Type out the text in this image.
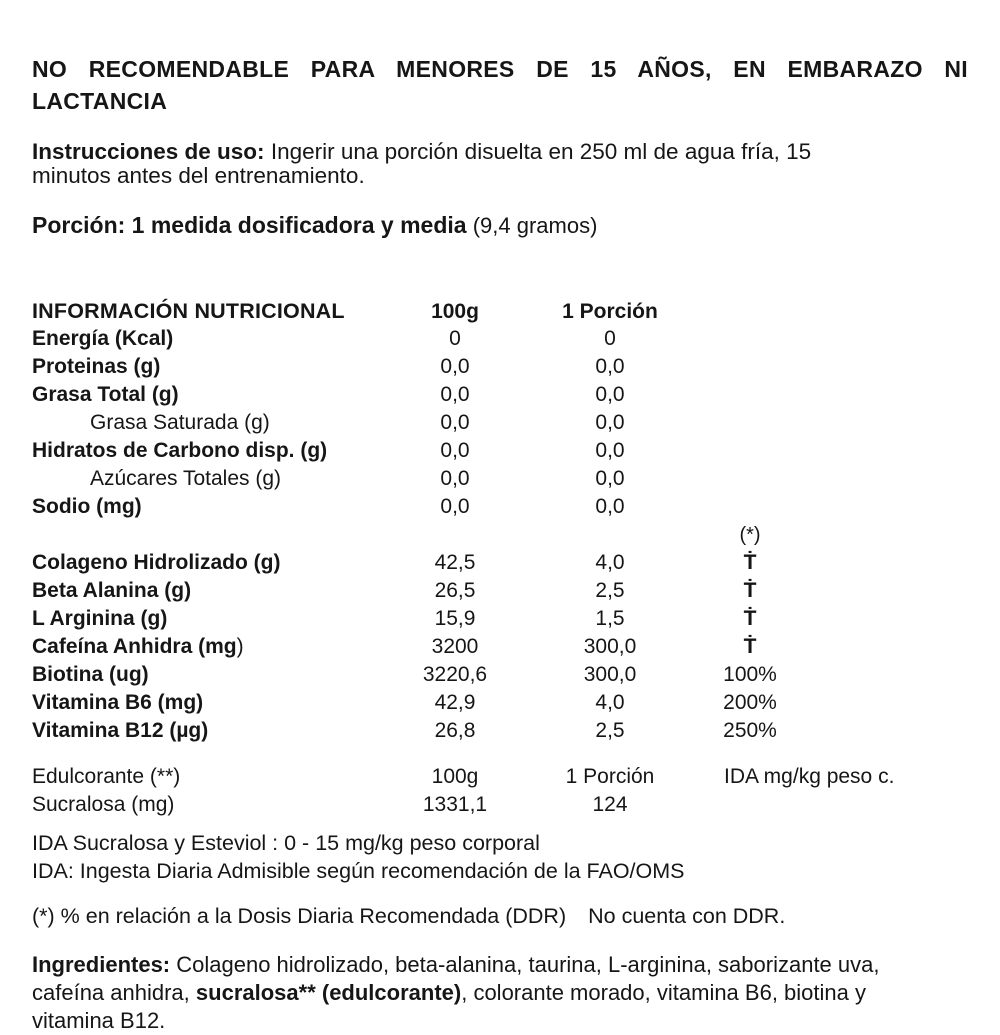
NO RECOMENDABLE PARA MENORES DE 15 AÑOS, EN EMBARAZO NI
LACTANCIA

Instrucciones de uso: Ingerir una porción disuelta en 250 ml de agua fría, 15 minutos antes del entrenamiento.

Porción: 1 medida dosificadora y media (9,4 gramos)

INFORMACIÓN NUTRICIONAL	100g	1 Porción
Energía (Kcal)	0	0
Proteinas (g)	0,0	0,0
Grasa Total (g)	0,0	0,0
Grasa Saturada (g)	0,0	0,0
Hidratos de Carbono disp. (g)	0,0	0,0
Azúcares Totales (g)	0,0	0,0
Sodio (mg)	0,0	0,0
(*)
Colageno Hidrolizado (g)	42,5	4,0	Ṫ
Beta Alanina (g)	26,5	2,5	Ṫ
L Arginina (g)	15,9	1,5	Ṫ
Cafeína Anhidra (mg)	3200	300,0	Ṫ
Biotina (ug)	3220,6	300,0	100%
Vitamina B6 (mg)	42,9	4,0	200%
Vitamina B12 (µg)	26,8	2,5	250%
Edulcorante (**)	100g	1 Porción	IDA mg/kg peso c.
Sucralosa (mg)	1331,1	124
IDA Sucralosa y Esteviol : 0 - 15 mg/kg peso corporal
IDA: Ingesta Diaria Admisible según recomendación de la FAO/OMS

(*) % en relación a la Dosis Diaria Recomendada (DDR) No cuenta con DDR.

Ingredientes: Colageno hidrolizado, beta-alanina, taurina, L-arginina, saborizante uva, cafeína anhidra, sucralosa** (edulcorante), colorante morado, vitamina B6, biotina y vitamina B12.
